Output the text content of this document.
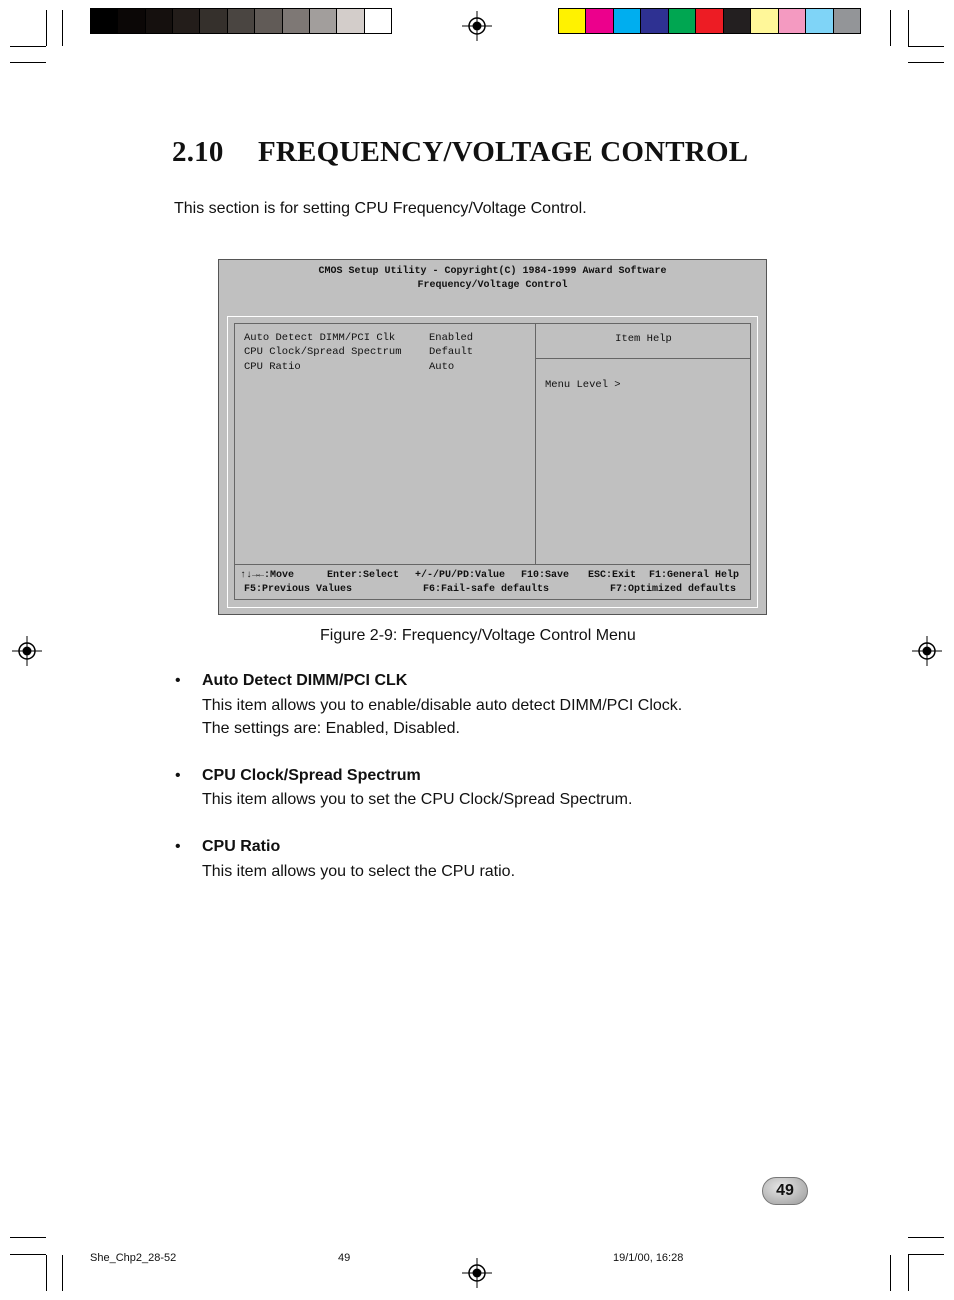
2.10 FREQUENCY/VOLTAGE CONTROL
This section is for setting CPU Frequency/Voltage Control.
CMOS Setup Utility - Copyright(C) 1984-1999 Award Software
Frequency/Voltage Control
Auto Detect DIMM/PCI Clk	Enabled
CPU Clock/Spread Spectrum	Default
CPU Ratio	Auto
Item Help
Menu Level >
↑↓→←:Move	Enter:Select +/-/PU/PD:Value F10:Save ESC:Exit F1:General Help
F5:Previous Values	F6:Fail-safe defaults	F7:Optimized defaults
Figure 2-9: Frequency/Voltage Control Menu
• Auto Detect DIMM/PCI CLK
This item allows you to enable/disable auto detect DIMM/PCI Clock.
The settings are: Enabled, Disabled.
• CPU Clock/Spread Spectrum
This item allows you to set the CPU Clock/Spread Spectrum.
• CPU Ratio
This item allows you to select the CPU ratio.
49
She_Chp2_28-52	49	19/1/00, 16:28
